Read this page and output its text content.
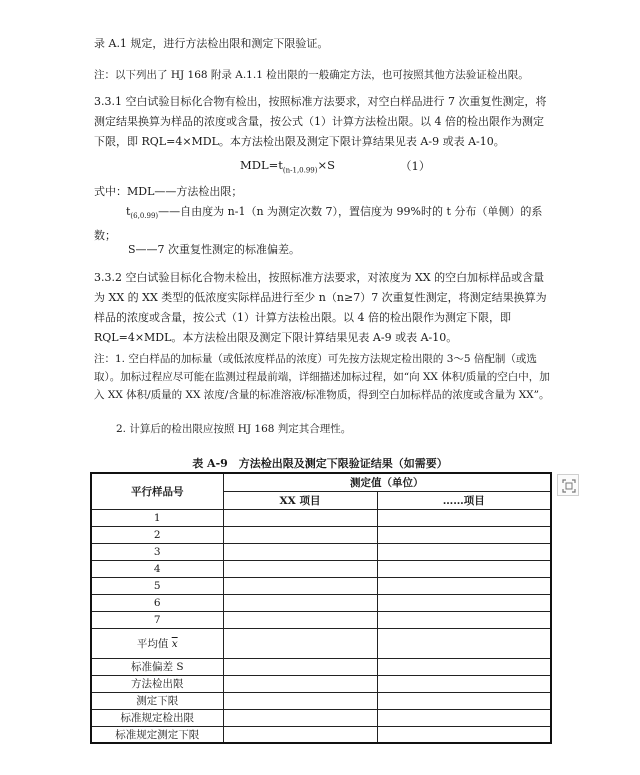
录 A.1 规定，进行方法检出限和测定下限验证。

注：以下列出了 HJ 168 附录 A.1.1 检出限的一般确定方法，也可按照其他方法验证检出限。

3.3.1 空白试验目标化合物有检出，按照标准方法要求，对空白样品进行 7 次重复性测定，将测定结果换算为样品的浓度或含量，按公式（1）计算方法检出限。以 4 倍的检出限作为测定下限，即 RQL=4×MDL。本方法检出限及测定下限计算结果见表 A-9 或表 A-10。

$MDL=t_{(n-1,0.99)}\times S$	（1）

式中：MDL——方法检出限；

$t_{(6,0.99)}——$自由度为 n-1（n 为测定次数 7），置信度为 99%时的 t 分布（单侧）的系数；

S——7 次重复性测定的标准偏差。

3.3.2 空白试验目标化合物未检出，按照标准方法要求，对浓度为 XX 的空白加标样品或含量为 XX 的 XX 类型的低浓度实际样品进行至少 n（n≥7）7 次重复性测定，将测定结果换算为样品的浓度或含量，按公式（1）计算方法检出限。以 4 倍的检出限作为测定下限，即 RQL=4×MDL。本方法检出限及测定下限计算结果见表 A-9 或表 A-10。

注：1. 空白样品的加标量（或低浓度样品的浓度）可先按方法规定检出限的 3～5 倍配制（或选取）。加标过程应尽可能在监测过程最前端，详细描述加标过程，如“向 XX 体积/质量的空白中，加入 XX 体积/质量的 XX 浓度/含量的标准溶液/标准物质，得到空白加标样品的浓度或含量为 XX”。

2. 计算后的检出限应按照 HJ 168 判定其合理性。

表 A-9　方法检出限及测定下限验证结果（如需要）
平行样品号	测定值（单位）	
	XX 项目	……项目
1		
2		
3		
4		
5		
6		
7		
平均值 $\overline{x}$		
标准偏差 S		
方法检出限		
测定下限		
标准规定检出限		
标准规定测定下限		
